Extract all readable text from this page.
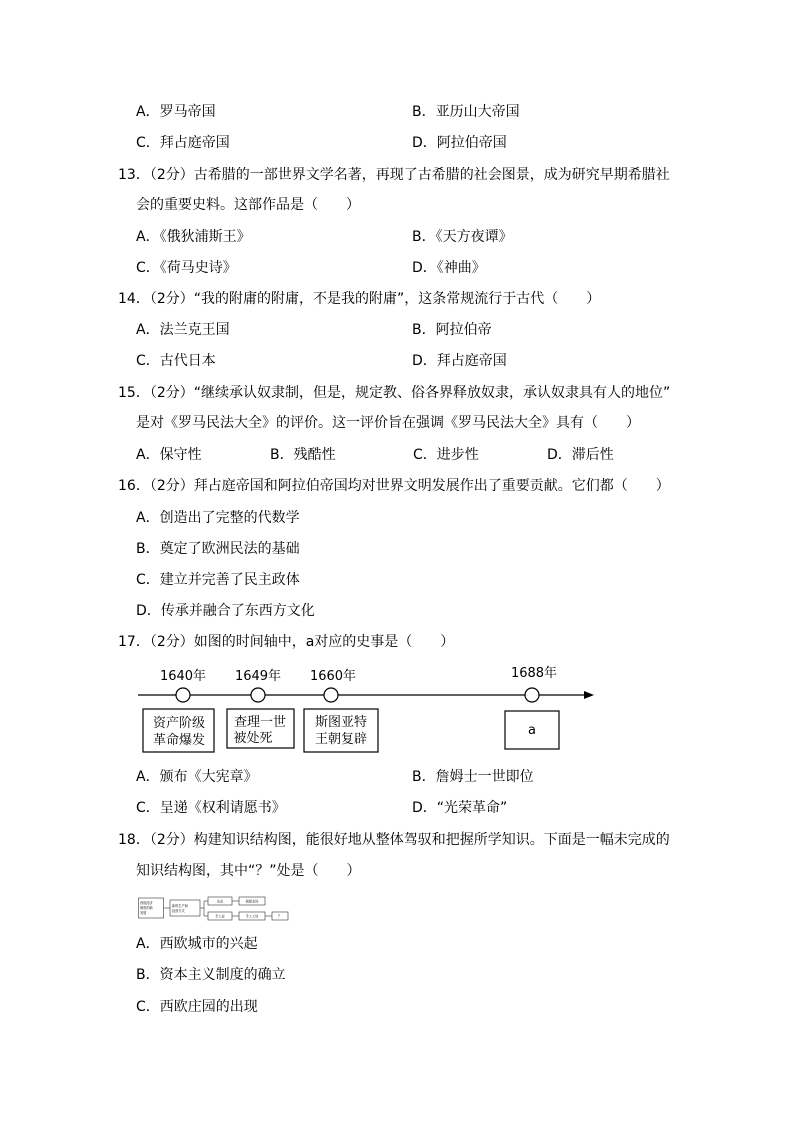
A．罗马帝国	B．亚历山大帝国
C．拜占庭帝国	D．阿拉伯帝国
13．（2分）古希腊的一部世界文学名著，再现了古希腊的社会图景，成为研究早期希腊社
会的重要史料。这部作品是（　　）
A．《俄狄浦斯王》	B．《天方夜谭》
C．《荷马史诗》	D．《神曲》
14．（2分）“我的附庸的附庸，不是我的附庸”，这条常规流行于古代（　　）
A．法兰克王国	B．阿拉伯帝
C．古代日本	D．拜占庭帝国
15．（2分）“继续承认奴隶制，但是，规定教、俗各界释放奴隶，承认奴隶具有人的地位”
是对《罗马民法大全》的评价。这一评价旨在强调《罗马民法大全》具有（　　）
A．保守性	B．残酷性	C．进步性	D．滞后性
16．（2分）拜占庭帝国和阿拉伯帝国均对世界文明发展作出了重要贡献。它们都（　　）
A．创造出了完整的代数学
B．奠定了欧洲民法的基础
C．建立并完善了民主政体
D．传承并融合了东西方文化
17．（2分）如图的时间轴中，a对应的史事是（　　）
1640年 1649年 1660年	1688年
资产阶级
革命爆发
查理一世
被处死
斯图亚特
王朝复辟
a
A．颁布《大宪章》	B．詹姆士一世即位
C．呈递《权利请愿书》	D．“光荣革命”
18．（2分）构建知识结构图，能很好地从整体驾驭和把握所学知识。下面是一幅未完成的
知识结构图，其中“？”处是（　　）
西欧经济
制度的新
发展
新的生产和
经营方式
农业
手工业
租佃农场
手工工场	？
A．西欧城市的兴起
B．资本主义制度的确立
C．西欧庄园的出现
